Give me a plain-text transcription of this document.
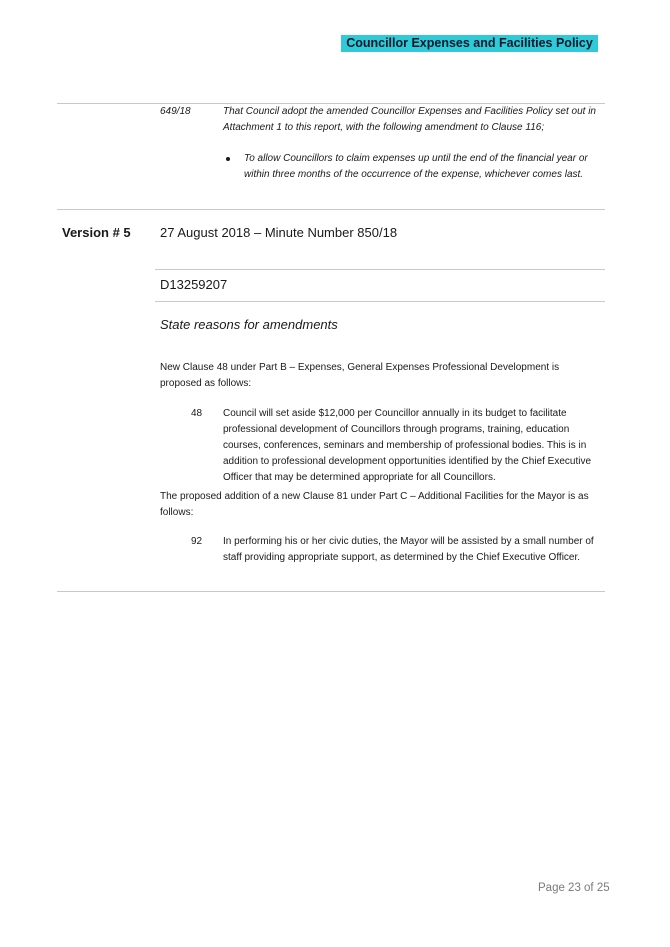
Councillor Expenses and Facilities Policy
649/18	That Council adopt the amended Councillor Expenses and Facilities Policy set out in Attachment 1 to this report, with the following amendment to Clause 116;
To allow Councillors to claim expenses up until the end of the financial year or within three months of the occurrence of the expense, whichever comes last.
Version # 5 27 August 2018 – Minute Number 850/18
D13259207
State reasons for amendments
New Clause 48 under Part B – Expenses, General Expenses Professional Development is proposed as follows:
48 Council will set aside $12,000 per Councillor annually in its budget to facilitate professional development of Councillors through programs, training, education courses, conferences, seminars and membership of professional bodies. This is in addition to professional development opportunities identified by the Chief Executive Officer that may be determined appropriate for all Councillors.
The proposed addition of a new Clause 81 under Part C – Additional Facilities for the Mayor is as follows:
92 In performing his or her civic duties, the Mayor will be assisted by a small number of staff providing appropriate support, as determined by the Chief Executive Officer.
Page 23 of 25
